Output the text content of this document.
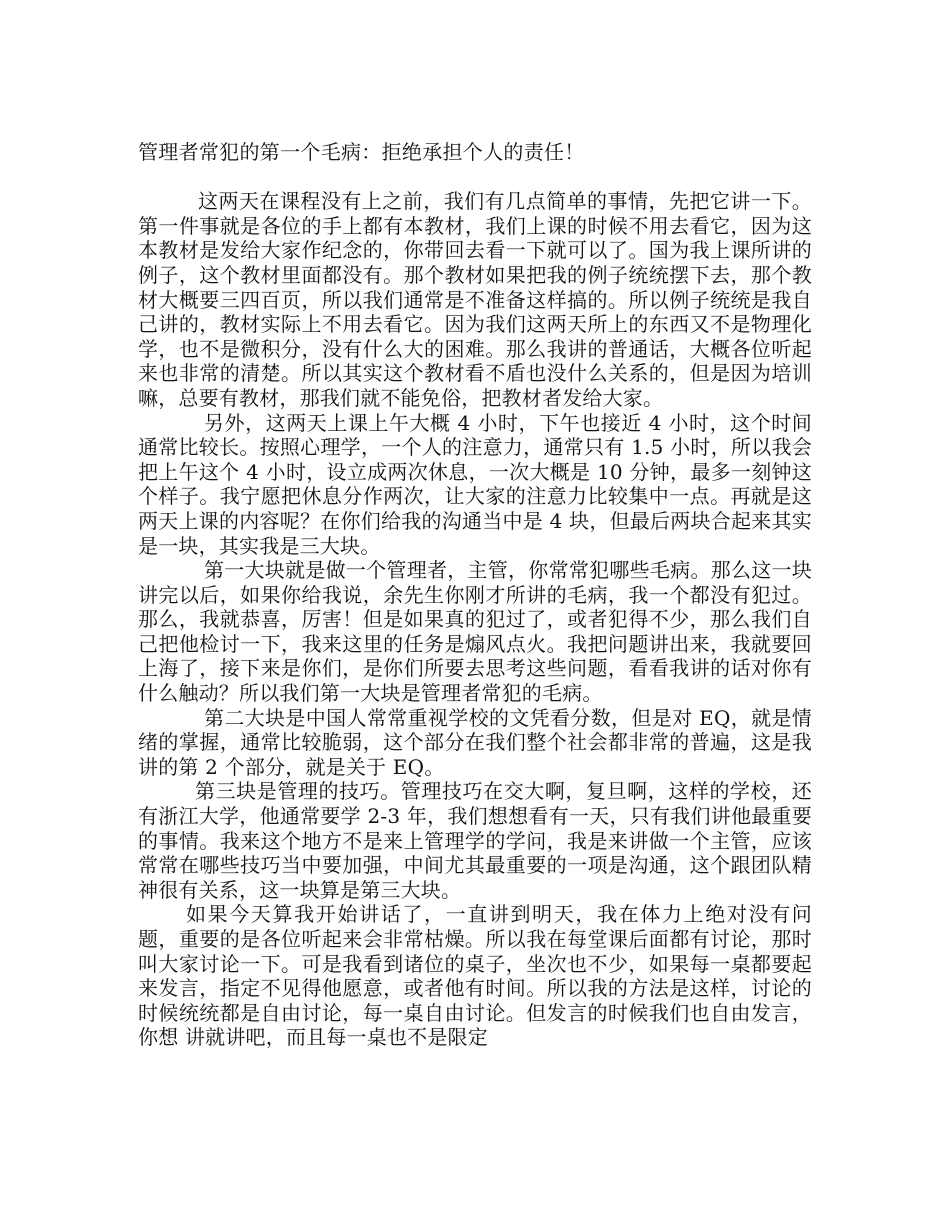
管理者常犯的第一个毛病：拒绝承担个人的责任！

这两天在课程没有上之前，我们有几点简单的事情，先把它讲一下。第一件事就是各位的手上都有本教材，我们上课的时候不用去看它，因为这本教材是发给大家作纪念的，你带回去看一下就可以了。国为我上课所讲的例子，这个教材里面都没有。那个教材如果把我的例子统统摆下去，那个教材大概要三四百页，所以我们通常是不准备这样搞的。所以例子统统是我自己讲的，教材实际上不用去看它。因为我们这两天所上的东西又不是物理化学，也不是微积分，没有什么大的困难。那么我讲的普通话，大概各位听起来也非常的清楚。所以其实这个教材看不盾也没什么关系的，但是因为培训嘛，总要有教材，那我们就不能免俗，把教材者发给大家。

另外，这两天上课上午大概 4 小时，下午也接近 4 小时，这个时间通常比较长。按照心理学，一个人的注意力，通常只有 1.5 小时，所以我会把上午这个 4 小时，设立成两次休息，一次大概是 10 分钟，最多一刻钟这个样子。我宁愿把休息分作两次，让大家的注意力比较集中一点。再就是这两天上课的内容呢？在你们给我的沟通当中是 4 块，但最后两块合起来其实是一块，其实我是三大块。

第一大块就是做一个管理者，主管，你常常犯哪些毛病。那么这一块讲完以后，如果你给我说，余先生你刚才所讲的毛病，我一个都没有犯过。那么，我就恭喜，厉害！但是如果真的犯过了，或者犯得不少，那么我们自己把他检讨一下，我来这里的任务是煽风点火。我把问题讲出来，我就要回上海了，接下来是你们，是你们所要去思考这些问题，看看我讲的话对你有什么触动？所以我们第一大块是管理者常犯的毛病。

第二大块是中国人常常重视学校的文凭看分数，但是对 EQ，就是情绪的掌握，通常比较脆弱，这个部分在我们整个社会都非常的普遍，这是我讲的第 2 个部分，就是关于 EQ。

第三块是管理的技巧。管理技巧在交大啊，复旦啊，这样的学校，还有浙江大学，他通常要学 2-3 年，我们想想看有一天，只有我们讲他最重要的事情。我来这个地方不是来上管理学的学问，我是来讲做一个主管，应该常常在哪些技巧当中要加强，中间尤其最重要的一项是沟通，这个跟团队精神很有关系，这一块算是第三大块。

如果今天算我开始讲话了，一直讲到明天，我在体力上绝对没有问题，重要的是各位听起来会非常枯燥。所以我在每堂课后面都有讨论，那时叫大家讨论一下。可是我看到诸位的桌子，坐次也不少，如果每一桌都要起来发言，指定不见得他愿意，或者他有时间。所以我的方法是这样，讨论的时候统统都是自由讨论，每一桌自由讨论。但发言的时候我们也自由发言，你想 讲就讲吧，而且每一桌也不是限定
